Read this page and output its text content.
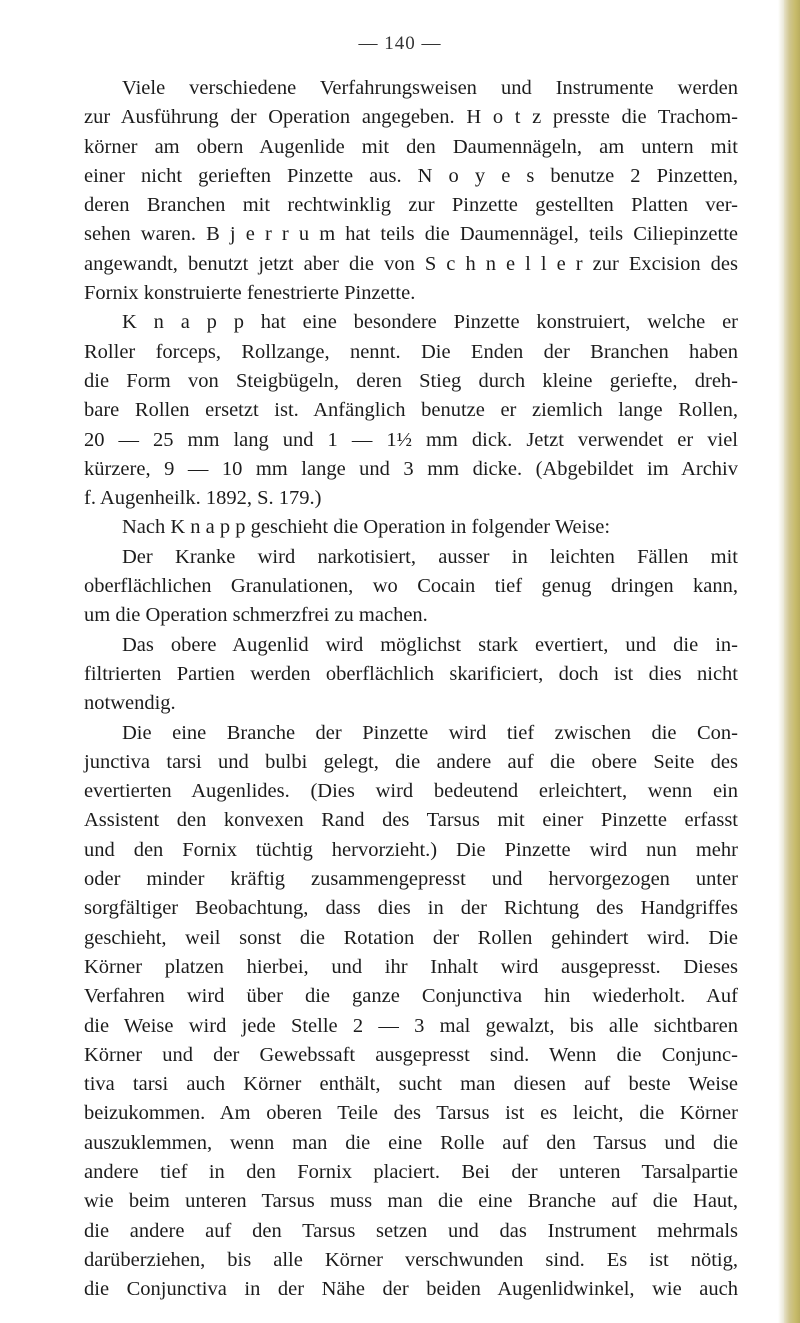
— 140 —

Viele verschiedene Verfahrungsweisen und Instrumente werden
zur Ausführung der Operation angegeben. H o t z presste die Trachom-
körner am obern Augenlide mit den Daumennägeln, am untern mit
einer nicht gerieften Pinzette aus. N o y e s benutze 2 Pinzetten,
deren Branchen mit rechtwinklig zur Pinzette gestellten Platten ver-
sehen waren. B j e r r u m hat teils die Daumennägel, teils Ciliepinzette
angewandt, benutzt jetzt aber die von S c h n e l l e r zur Excision des
Fornix konstruierte fenestrierte Pinzette.
K n a p p hat eine besondere Pinzette konstruiert, welche er
Roller forceps, Rollzange, nennt. Die Enden der Branchen haben
die Form von Steigbügeln, deren Stieg durch kleine geriefte, dreh-
bare Rollen ersetzt ist. Anfänglich benutze er ziemlich lange Rollen,
20 — 25 mm lang und 1 — 1½ mm dick. Jetzt verwendet er viel
kürzere, 9 — 10 mm lange und 3 mm dicke. (Abgebildet im Archiv
f. Augenheilk. 1892, S. 179.)
Nach K n a p p geschieht die Operation in folgender Weise:
Der Kranke wird narkotisiert, ausser in leichten Fällen mit
oberflächlichen Granulationen, wo Cocain tief genug dringen kann,
um die Operation schmerzfrei zu machen.
Das obere Augenlid wird möglichst stark evertiert, und die in-
filtrierten Partien werden oberflächlich skarificiert, doch ist dies nicht
notwendig.
Die eine Branche der Pinzette wird tief zwischen die Con-
junctiva tarsi und bulbi gelegt, die andere auf die obere Seite des
evertierten Augenlides. (Dies wird bedeutend erleichtert, wenn ein
Assistent den konvexen Rand des Tarsus mit einer Pinzette erfasst
und den Fornix tüchtig hervorzieht.) Die Pinzette wird nun mehr
oder minder kräftig zusammengepresst und hervorgezogen unter
sorgfältiger Beobachtung, dass dies in der Richtung des Handgriffes
geschieht, weil sonst die Rotation der Rollen gehindert wird. Die
Körner platzen hierbei, und ihr Inhalt wird ausgepresst. Dieses
Verfahren wird über die ganze Conjunctiva hin wiederholt. Auf
die Weise wird jede Stelle 2 — 3 mal gewalzt, bis alle sichtbaren
Körner und der Gewebssaft ausgepresst sind. Wenn die Conjunc-
tiva tarsi auch Körner enthält, sucht man diesen auf beste Weise
beizukommen. Am oberen Teile des Tarsus ist es leicht, die Körner
auszuklemmen, wenn man die eine Rolle auf den Tarsus und die
andere tief in den Fornix placiert. Bei der unteren Tarsalpartie
wie beim unteren Tarsus muss man die eine Branche auf die Haut,
die andere auf den Tarsus setzen und das Instrument mehrmals
darüberziehen, bis alle Körner verschwunden sind. Es ist nötig,
die Conjunctiva in der Nähe der beiden Augenlidwinkel, wie auch
